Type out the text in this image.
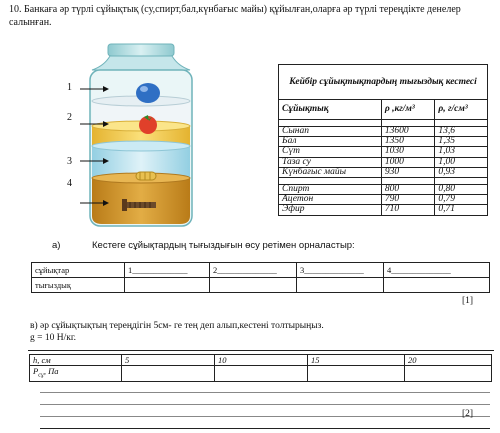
10. Банкаға әр түрлі сұйықтық (су,спирт,бал,күнбағыс майы) құйылған,оларға әр түрлі тереңдікте денелер салынған.
1
2
3
4
Кейбір сұйықтықтардың тығыздық кестесі		
Сұйықтық	ρ ,кг/м³	ρ, г/см³

Сынап	13600	13,6
Бал	1350	1,35
Сүт	1030	1,03
Таза су	1000	1,00
Күнбағыс майы	930	0,93

Спирт	800	0,80
Ацетон	790	0,79
Эфир	710	0,71
а)	Кестеге сұйықтардың тығыздығын өсу ретімен орналастыр:
сұйықтар	1_____________	2______________	3______________	4______________
тығыздық				
[1]
в) әр сұйықтықтың тереңдігін 5см- ге тең деп алып,кестені толтырыңыз.
g = 10 Н/кг.
h, см	5	10	15	20
$P_{сұ}$, Па				
[2]
